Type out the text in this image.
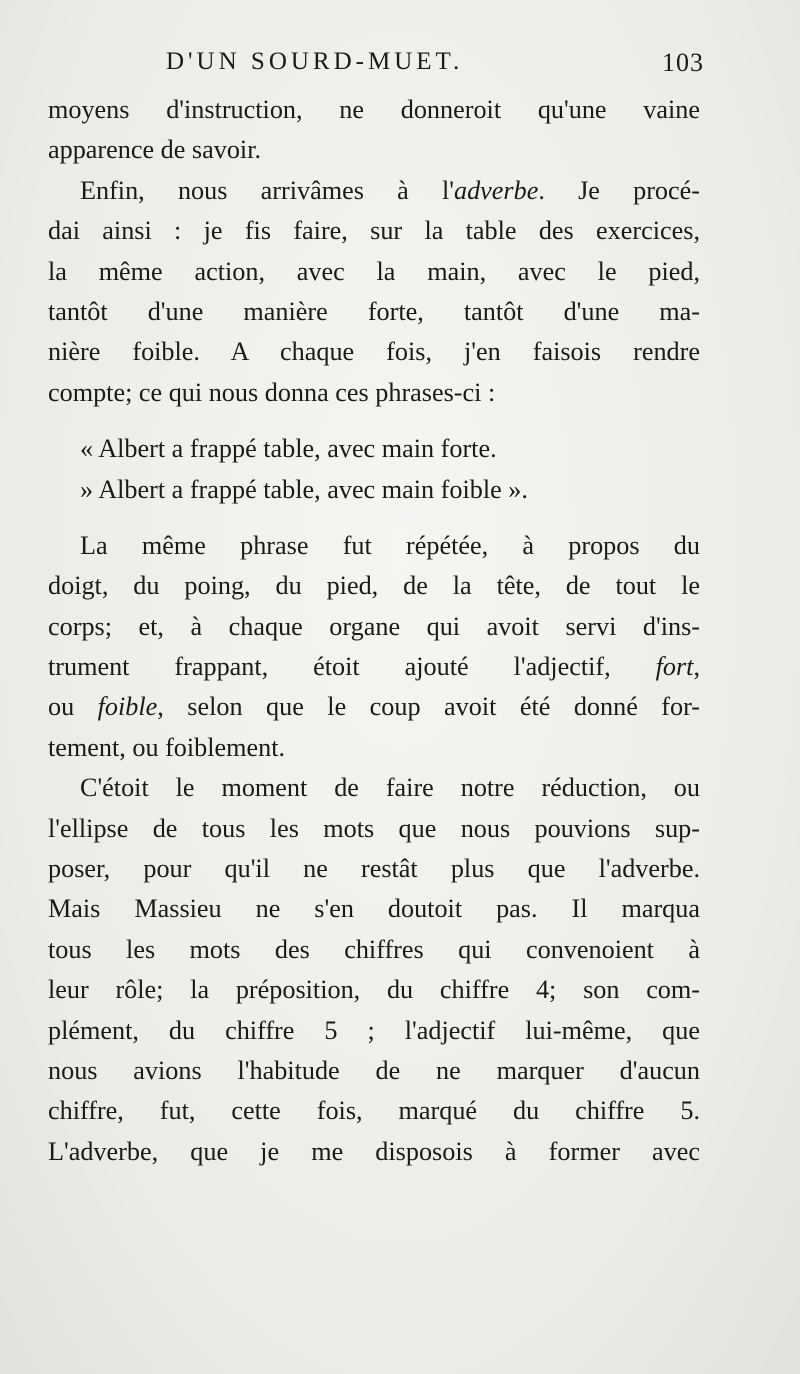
D'UN SOURD-MUET.	103
moyens d'instruction, ne donneroit qu'une vaine
apparence de savoir.
Enfin, nous arrivâmes à l'adverbe. Je procé-
dai ainsi : je fis faire, sur la table des exercices,
la même action, avec la main, avec le pied,
tantôt d'une manière forte, tantôt d'une ma-
nière foible. A chaque fois, j'en faisois rendre
compte; ce qui nous donna ces phrases-ci :
« Albert a frappé table, avec main forte.
» Albert a frappé table, avec main foible ».
La même phrase fut répétée, à propos du
doigt, du poing, du pied, de la tête, de tout le
corps; et, à chaque organe qui avoit servi d'ins-
trument frappant, étoit ajouté l'adjectif, fort,
ou foible, selon que le coup avoit été donné for-
tement, ou foiblement.
C'étoit le moment de faire notre réduction, ou
l'ellipse de tous les mots que nous pouvions sup-
poser, pour qu'il ne restât plus que l'adverbe.
Mais Massieu ne s'en doutoit pas. Il marqua
tous les mots des chiffres qui convenoient à
leur rôle; la préposition, du chiffre 4; son com-
plément, du chiffre 5 ; l'adjectif lui-même, que
nous avions l'habitude de ne marquer d'aucun
chiffre, fut, cette fois, marqué du chiffre 5.
L'adverbe, que je me disposois à former avec
